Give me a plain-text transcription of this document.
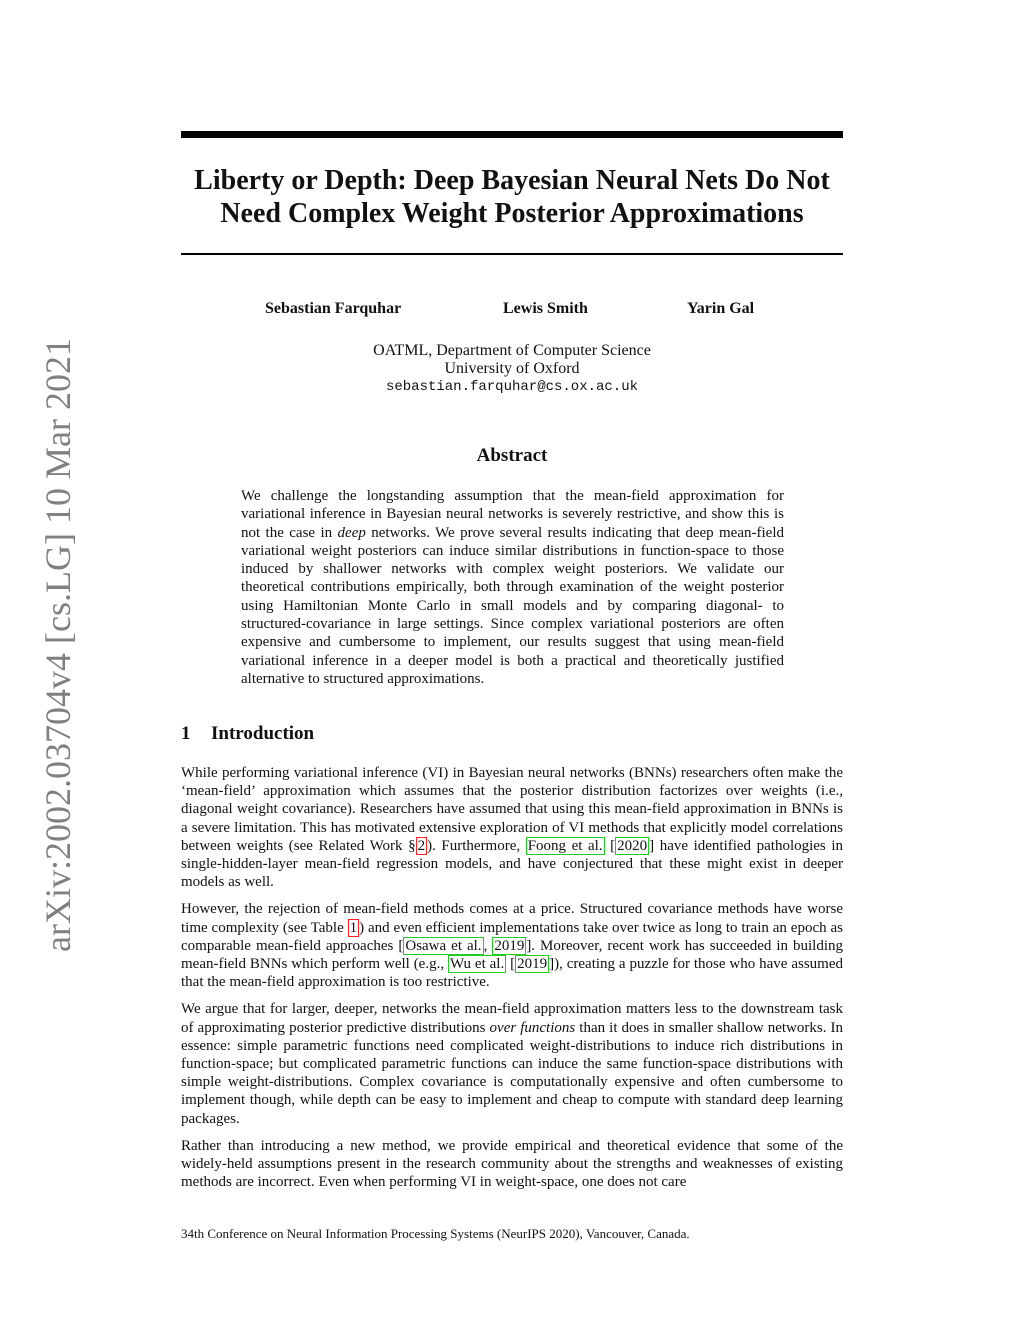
arXiv:2002.03704v4 [cs.LG] 10 Mar 2021
Liberty or Depth: Deep Bayesian Neural Nets Do Not
Need Complex Weight Posterior Approximations
Sebastian Farquhar	Lewis Smith	Yarin Gal
OATML, Department of Computer Science
University of Oxford
sebastian.farquhar@cs.ox.ac.uk
Abstract

We challenge the longstanding assumption that the mean-field approximation for variational inference in Bayesian neural networks is severely restrictive, and show this is not the case in deep networks. We prove several results indicating that deep mean-field variational weight posteriors can induce similar distributions in function-space to those induced by shallower networks with complex weight posteriors. We validate our theoretical contributions empirically, both through examination of the weight posterior using Hamiltonian Monte Carlo in small models and by comparing diagonal- to structured-covariance in large settings. Since complex variational posteriors are often expensive and cumbersome to implement, our results suggest that using mean-field variational inference in a deeper model is both a practical and theoretically justified alternative to structured approximations.

1 Introduction

While performing variational inference (VI) in Bayesian neural networks (BNNs) researchers often make the ‘mean-field’ approximation which assumes that the posterior distribution factorizes over weights (i.e., diagonal weight covariance). Researchers have assumed that using this mean-field approximation in BNNs is a severe limitation. This has motivated extensive exploration of VI methods that explicitly model correlations between weights (see Related Work § 2 ). Furthermore, Foong et al. [ 2020 ] have identified pathologies in single-hidden-layer mean-field regression models, and have conjectured that these might exist in deeper models as well.

However, the rejection of mean-field methods comes at a price. Structured covariance methods have worse time complexity (see Table 1 ) and even efficient implementations take over twice as long to train an epoch as comparable mean-field approaches [ Osawa et al. , 2019 ]. Moreover, recent work has succeeded in building mean-field BNNs which perform well (e.g., Wu et al. [ 2019 ]), creating a puzzle for those who have assumed that the mean-field approximation is too restrictive.

We argue that for larger, deeper, networks the mean-field approximation matters less to the downstream task of approximating posterior predictive distributions over functions than it does in smaller shallow networks. In essence: simple parametric functions need complicated weight-distributions to induce rich distributions in function-space; but complicated parametric functions can induce the same function-space distributions with simple weight-distributions. Complex covariance is computationally expensive and often cumbersome to implement though, while depth can be easy to implement and cheap to compute with standard deep learning packages.

Rather than introducing a new method, we provide empirical and theoretical evidence that some of the widely-held assumptions present in the research community about the strengths and weaknesses of existing methods are incorrect. Even when performing VI in weight-space, one does not care

34th Conference on Neural Information Processing Systems (NeurIPS 2020), Vancouver, Canada.
